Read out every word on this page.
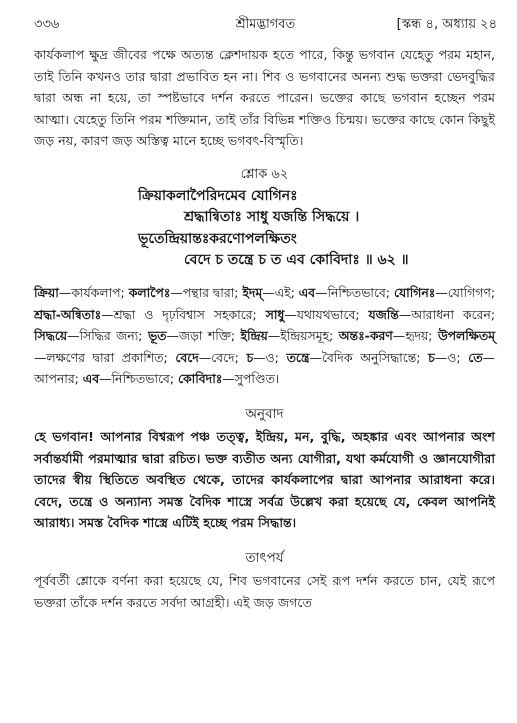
৩৩৬	শ্রীমদ্ভাগবত	[স্কন্ধ ৪, অধ্যায় ২৪

কার্যকলাপ ক্ষুদ্র জীবের পক্ষে অত্যন্ত ক্লেশদায়ক হতে পারে, কিন্তু ভগবান যেহেতু পরম মহান, তাই তিনি কখনও তার দ্বারা প্রভাবিত হন না। শিব ও ভগবানের অনন্য শুদ্ধ ভক্তরা ভেদবুদ্ধির দ্বারা অন্ধ না হয়ে, তা স্পষ্টভাবে দর্শন করতে পারেন। ভক্তের কাছে ভগবান হচ্ছেন পরম আত্মা। যেহেতু তিনি পরম শক্তিমান, তাই তাঁর বিভিন্ন শক্তিও চিন্ময়। ভক্তের কাছে কোন কিছুই জড় নয়, কারণ জড় অস্তিত্ব মানে হচ্ছে ভগবৎ-বিস্মৃতি।

শ্লোক ৬২
ক্রিয়াকলাপৈরিদমেব যোগিনঃ
শ্রদ্ধান্বিতাঃ সাধু যজন্তি সিদ্ধয়ে ।
ভূতেন্দ্রিয়ান্তঃকরণোপলক্ষিতং
বেদে চ তন্ত্রে চ ত এব কোবিদাঃ ॥ ৬২ ॥
ক্রিয়া—কার্যকলাপ; কলাপৈঃ—পন্থার দ্বারা; ইদম্—এই; এব—নিশ্চিতভাবে; যোগিনঃ—যোগিগণ; শ্রদ্ধা-অন্বিতাঃ—শ্রদ্ধা ও দৃঢ়বিশ্বাস সহকারে; সাধু—যথাযথভাবে; যজন্তি—আরাধনা করেন; সিদ্ধয়ে—সিদ্ধির জন্য; ভূত—জড়া শক্তি; ইন্দ্রিয়—ইন্দ্রিয়সমূহ; অন্তঃ-করণ—হৃদয়; উপলক্ষিতম্—লক্ষণের দ্বারা প্রকাশিত; বেদে—বেদে; চ—ও; তন্ত্রে—বৈদিক অনুসিদ্ধান্তে; চ—ও; তে—আপনার; এব—নিশ্চিতভাবে; কোবিদাঃ—সুপণ্ডিত।
অনুবাদ

হে ভগবান! আপনার বিশ্বরূপ পঞ্চ তত্ত্ব, ইন্দ্রিয়, মন, বুদ্ধি, অহঙ্কার এবং আপনার অংশ সর্বান্তর্যামী পরমাত্মার দ্বারা রচিত। ভক্ত ব্যতীত অন্য যোগীরা, যথা কর্মযোগী ও জ্ঞানযোগীরা তাদের স্বীয় স্থিতিতে অবস্থিত থেকে, তাদের কার্যকলাপের দ্বারা আপনার আরাধনা করে। বেদে, তন্ত্রে ও অন্যান্য সমস্ত বৈদিক শাস্ত্রে সর্বত্র উল্লেখ করা হয়েছে যে, কেবল আপনিই আরাধ্য। সমস্ত বৈদিক শাস্ত্রে এটিই হচ্ছে পরম সিদ্ধান্ত।

তাৎপর্য

পূর্ববর্তী শ্লোকে বর্ণনা করা হয়েছে যে, শিব ভগবানের সেই রূপ দর্শন করতে চান, যেই রূপে ভক্তরা তাঁকে দর্শন করতে সর্বদা আগ্রহী। এই জড় জগতে
